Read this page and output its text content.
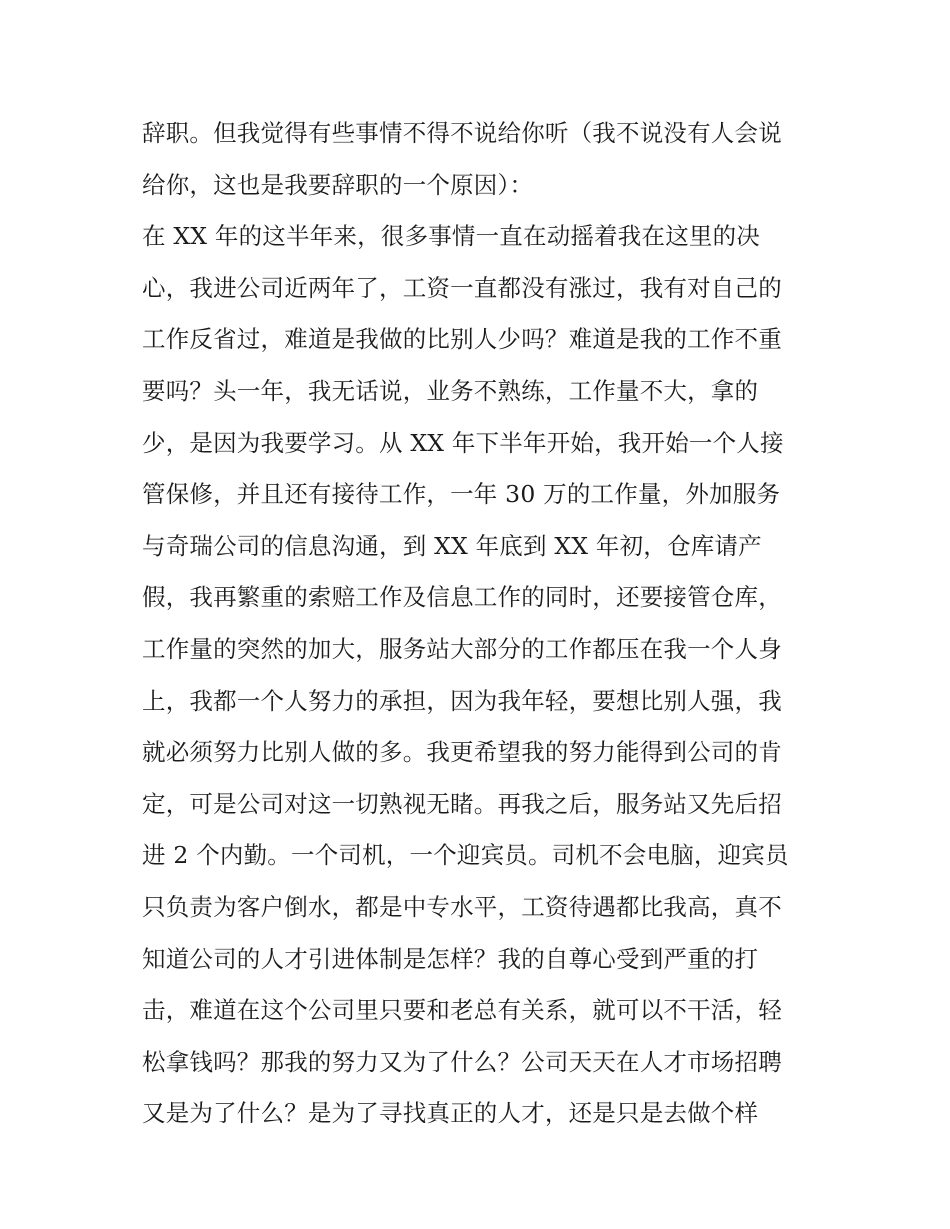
辞职。但我觉得有些事情不得不说给你听（我不说没有人会说
给你，这也是我要辞职的一个原因）：
在 XX 年的这半年来，很多事情一直在动摇着我在这里的决
心，我进公司近两年了，工资一直都没有涨过，我有对自己的
工作反省过，难道是我做的比别人少吗？难道是我的工作不重
要吗？头一年，我无话说，业务不熟练，工作量不大，拿的
少，是因为我要学习。从 XX 年下半年开始，我开始一个人接
管保修，并且还有接待工作，一年 30 万的工作量，外加服务
与奇瑞公司的信息沟通，到 XX 年底到 XX 年初，仓库请产
假，我再繁重的索赔工作及信息工作的同时，还要接管仓库，
工作量的突然的加大，服务站大部分的工作都压在我一个人身
上，我都一个人努力的承担，因为我年轻，要想比别人强，我
就必须努力比别人做的多。我更希望我的努力能得到公司的肯
定，可是公司对这一切熟视无睹。再我之后，服务站又先后招
进 2 个内勤。一个司机，一个迎宾员。司机不会电脑，迎宾员
只负责为客户倒水，都是中专水平，工资待遇都比我高，真不
知道公司的人才引进体制是怎样？我的自尊心受到严重的打
击，难道在这个公司里只要和老总有关系，就可以不干活，轻
松拿钱吗？那我的努力又为了什么？公司天天在人才市场招聘
又是为了什么？是为了寻找真正的人才，还是只是去做个样
